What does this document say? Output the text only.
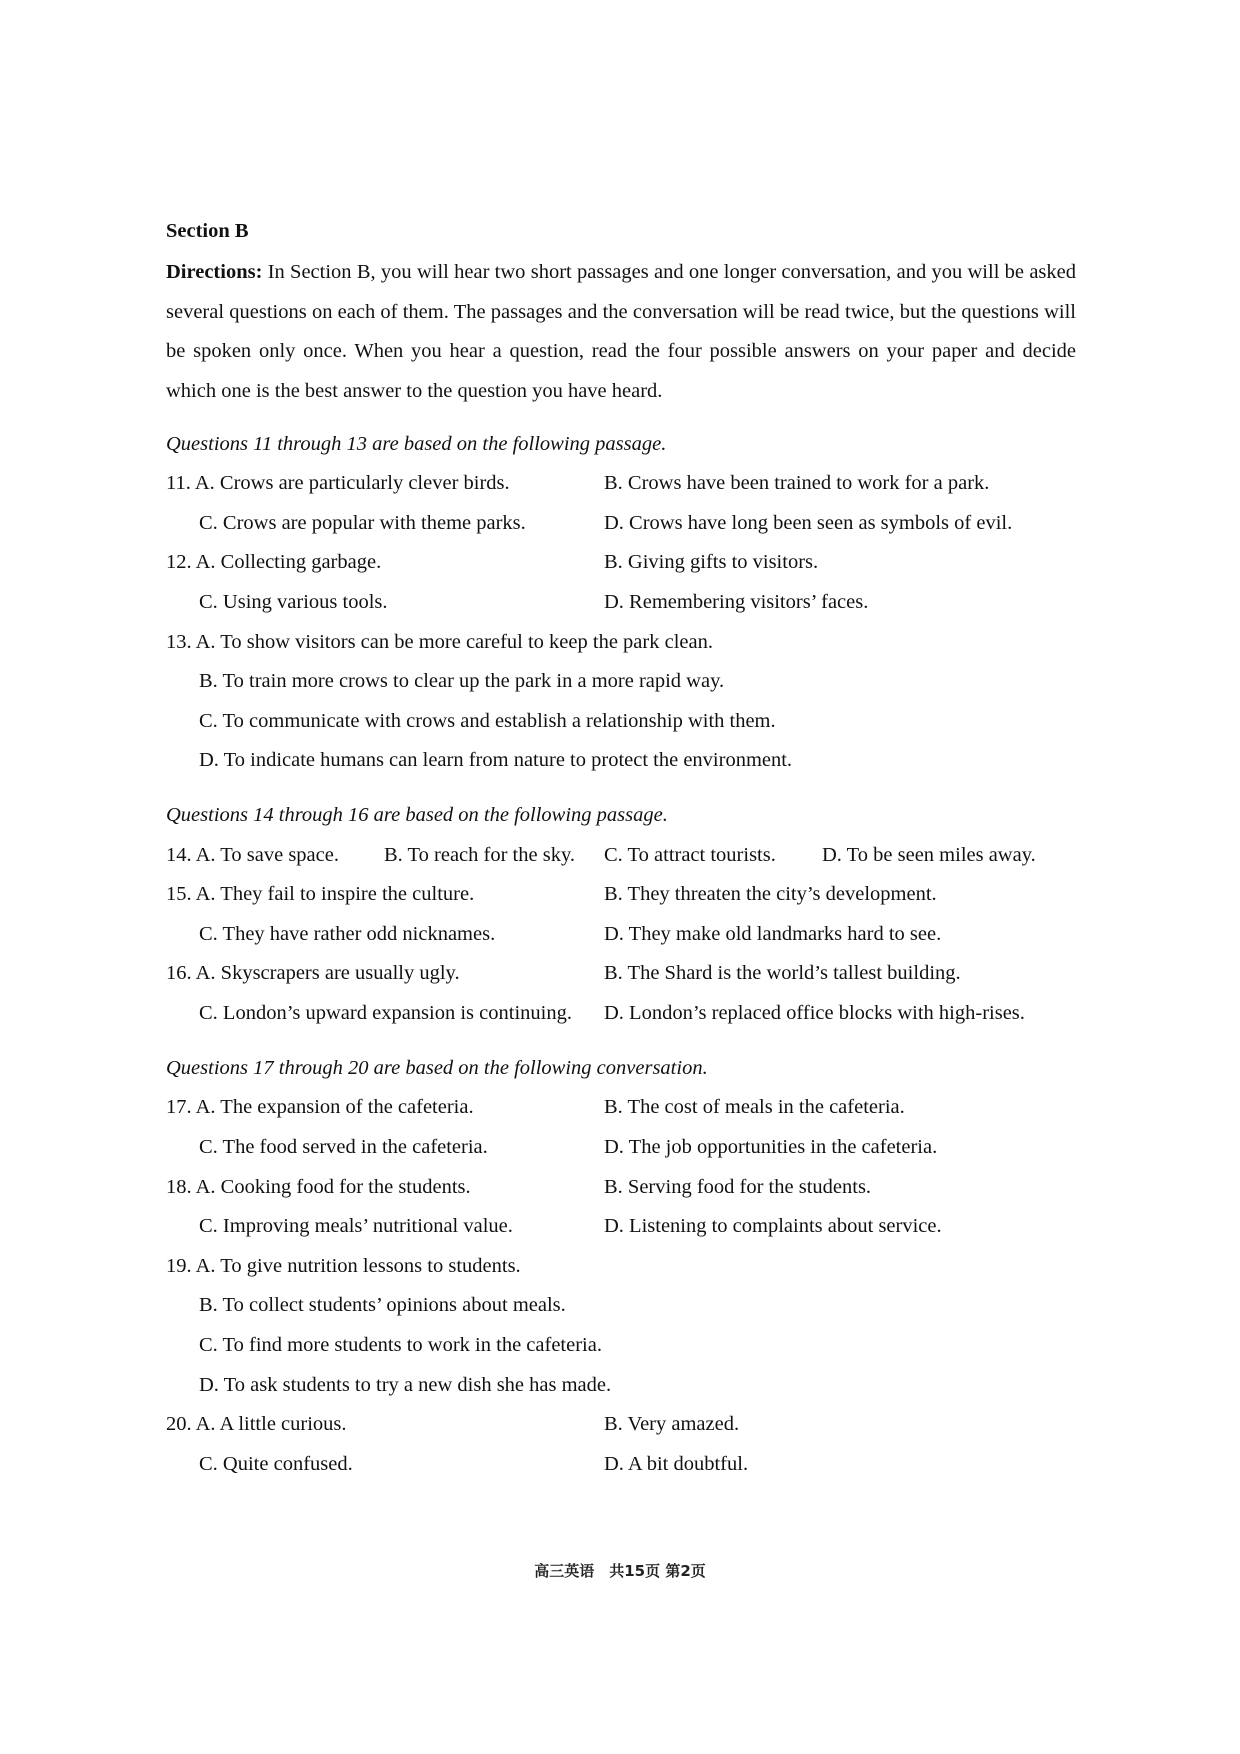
Section B
Directions: In Section B, you will hear two short passages and one longer conversation, and you will be asked several questions on each of them. The passages and the conversation will be read twice, but the questions will be spoken only once. When you hear a question, read the four possible answers on your paper and decide which one is the best answer to the question you have heard.
Questions 11 through 13 are based on the following passage.
11. A. Crows are particularly clever birds.	B. Crows have been trained to work for a park.
C. Crows are popular with theme parks.	D. Crows have long been seen as symbols of evil.
12. A. Collecting garbage.	B. Giving gifts to visitors.
C. Using various tools.	D. Remembering visitors’ faces.
13. A. To show visitors can be more careful to keep the park clean.
B. To train more crows to clear up the park in a more rapid way.
C. To communicate with crows and establish a relationship with them.
D. To indicate humans can learn from nature to protect the environment.
Questions 14 through 16 are based on the following passage.
14. A. To save space. B. To reach for the sky. C. To attract tourists. D. To be seen miles away.
15. A. They fail to inspire the culture.	B. They threaten the city’s development.
C. They have rather odd nicknames.	D. They make old landmarks hard to see.
16. A. Skyscrapers are usually ugly.	B. The Shard is the world’s tallest building.
C. London’s upward expansion is continuing. D. London’s replaced office blocks with high-rises.
Questions 17 through 20 are based on the following conversation.
17. A. The expansion of the cafeteria.	B. The cost of meals in the cafeteria.
C. The food served in the cafeteria.	D. The job opportunities in the cafeteria.
18. A. Cooking food for the students.	B. Serving food for the students.
C. Improving meals’ nutritional value.	D. Listening to complaints about service.
19. A. To give nutrition lessons to students.
B. To collect students’ opinions about meals.
C. To find more students to work in the cafeteria.
D. To ask students to try a new dish she has made.
20. A. A little curious.	B. Very amazed.
C. Quite confused.	D. A bit doubtful.
高三英语　共15页 第2页
